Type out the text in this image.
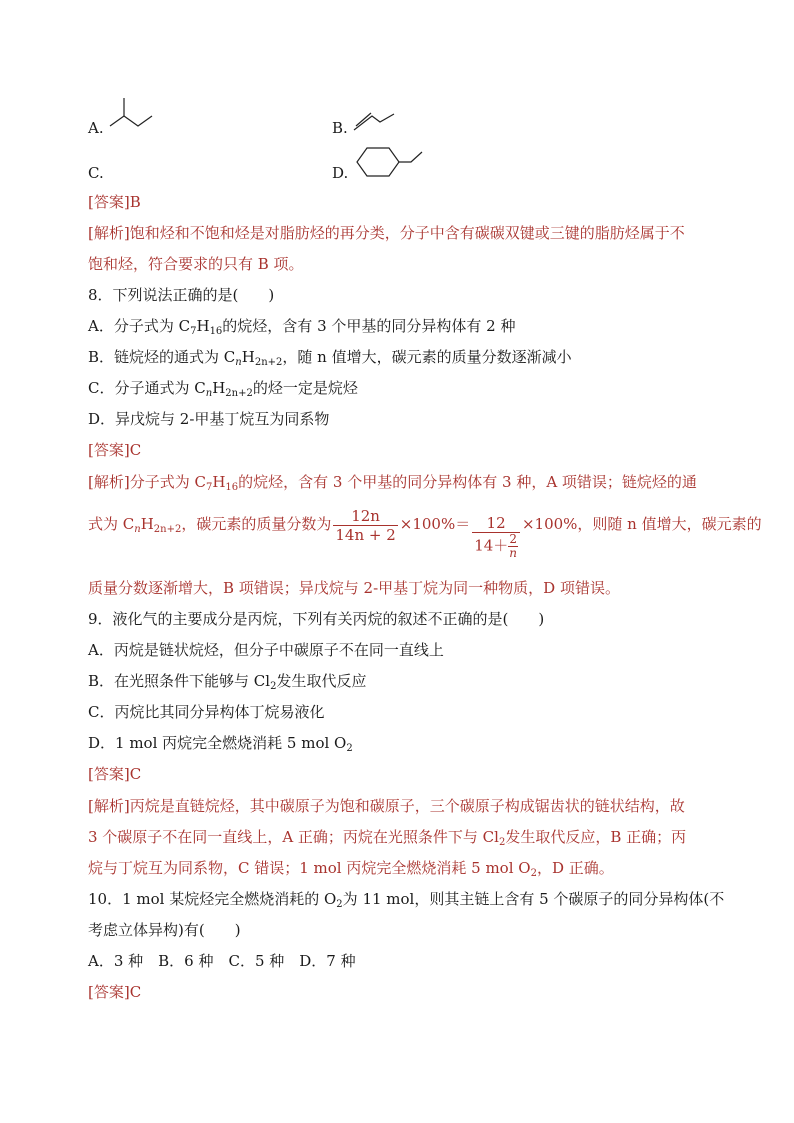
A.	B.
C.	D.
[答案]B
[解析]饱和烃和不饱和烃是对脂肪烃的再分类，分子中含有碳碳双键或三键的脂肪烃属于不
饱和烃，符合要求的只有 B 项。
8．下列说法正确的是(　　)
A．分子式为 $C_7H_{16}$的烷烃，含有 3 个甲基的同分异构体有 2 种
B．链烷烃的通式为 $C_nH_{2n+2}$，随 n 值增大，碳元素的质量分数逐渐减小
C．分子通式为 $C_nH_{2n+2}$的烃一定是烷烃
D．异戊烷与 2-甲基丁烷互为同系物
[答案]C
[解析]分子式为 $C_7H_{16}$的烷烃，含有 3 个甲基的同分异构体有 3 种，A 项错误；链烷烃的通
式为 $C_nH_{2n+2}$，碳元素的质量分数为 $\frac{12n}{14n + 2} \times 100\%= \frac{12}{14+ \frac{2}{n}} \times 100\%$，则随 n 值增大，碳元素的
质量分数逐渐增大，B 项错误；异戊烷与 2-甲基丁烷为同一种物质，D 项错误。
9．液化气的主要成分是丙烷，下列有关丙烷的叙述不正确的是(　　)
A．丙烷是链状烷烃，但分子中碳原子不在同一直线上
B．在光照条件下能够与 $Cl_2$发生取代反应
C．丙烷比其同分异构体丁烷易液化
D．1 mol 丙烷完全燃烧消耗 5 mol $O_2$
[答案]C
[解析]丙烷是直链烷烃，其中碳原子为饱和碳原子，三个碳原子构成锯齿状的链状结构，故
3 个碳原子不在同一直线上，A 正确；丙烷在光照条件下与 $Cl_2$发生取代反应，B 正确；丙
烷与丁烷互为同系物，C 错误；1 mol 丙烷完全燃烧消耗 5 mol $O_2$，D 正确。
10．1 mol 某烷烃完全燃烧消耗的 $O_2$为 11 mol，则其主链上含有 5 个碳原子的同分异构体(不
考虑立体异构)有(　　)
A．3 种　B．6 种　C．5 种　D．7 种
[答案]C
